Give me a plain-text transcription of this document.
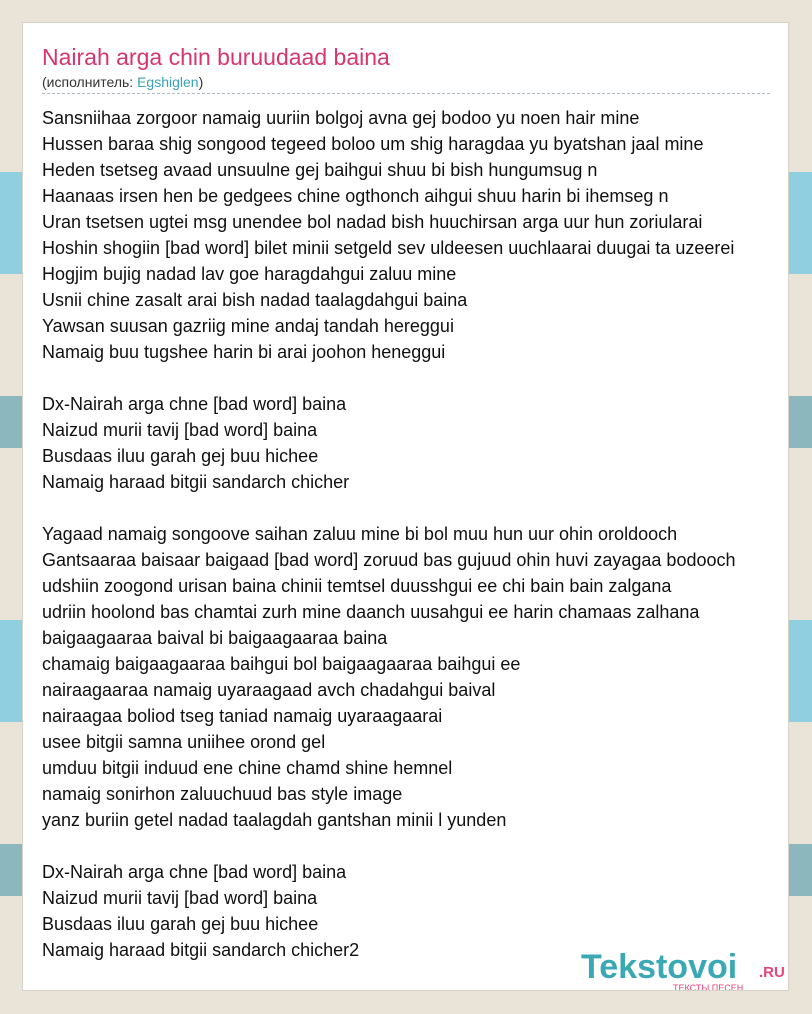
Nairah arga chin buruudaad baina
(исполнитель: Egshiglen)
Sansniihaa zorgoor namaig uuriin bolgoj avna gej bodoo yu noen hair mine
Hussen baraa shig songood tegeed boloo um shig haragdaa yu byatshan jaal mine
Heden tsetseg avaad unsuulne gej baihgui shuu bi bish hungumsug n
Haanaas irsen hen be gedgees chine ogthonch aihgui shuu harin bi ihemseg n
Uran tsetsen ugtei msg unendee bol nadad bish huuchirsan arga uur hun zoriularai
Hoshin shogiin [bad word] bilet minii setgeld sev uldeesen uuchlaarai duugai ta uzeerei
Hogjim bujig nadad lav goe haragdahgui zaluu mine
Usnii chine zasalt arai bish nadad taalagdahgui baina
Yawsan suusan gazriig mine andaj tandah hereggui
Namaig buu tugshee harin bi arai joohon heneggui
Dx-Nairah arga chne [bad word] baina
Naizud murii tavij [bad word] baina
Busdaas iluu garah gej buu hichee
Namaig haraad bitgii sandarch chicher
Yagaad namaig songoove saihan zaluu mine bi bol muu hun uur ohin oroldooch
Gantsaaraa baisaar baigaad [bad word] zoruud bas gujuud ohin huvi zayagaa bodooch
udshiin zoogond urisan baina chinii temtsel duusshgui ee chi bain bain zalgana
udriin hoolond bas chamtai zurh mine daanch uusahgui ee harin chamaas zalhana
baigaagaaraa baival bi baigaagaaraa baina
chamaig baigaagaaraa baihgui bol baigaagaaraa baihgui ee
nairaagaaraa namaig uyaraagaad avch chadahgui baival
nairaagaa boliod tseg taniad namaig uyaraagaarai
usee bitgii samna uniihee orond gel
umduu bitgii induud ene chine chamd shine hemnel
namaig sonirhon zaluuchuud bas style image
yanz buriin getel nadad taalagdah gantshan minii l yunden
Dx-Nairah arga chne [bad word] baina
Naizud murii tavij [bad word] baina
Busdaas iluu garah gej buu hichee
Namaig haraad bitgii sandarch chicher2	Tekstovoi .RU
ТЕКСТЫ ПЕСЕН
